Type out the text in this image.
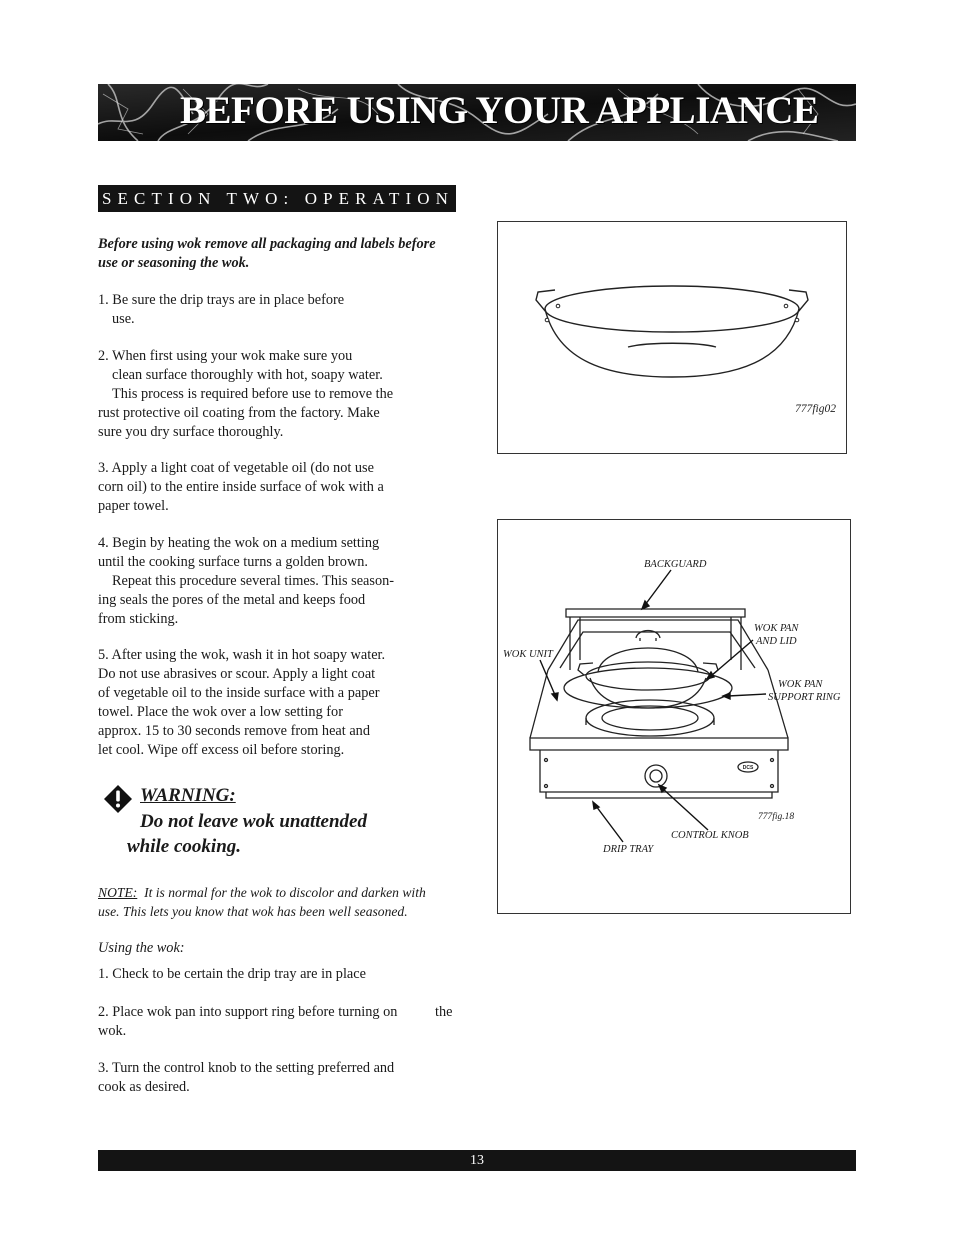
BEFORE USING YOUR APPLIANCE
SECTION TWO: OPERATION

Before using wok remove all packaging and labels before use or seasoning the wok.

1. Be sure the drip trays are in place before
use.
2. When first using your wok make sure you
clean surface thoroughly with hot, soapy water.
This process is required before use to remove the
rust protective oil coating from the factory. Make
sure you dry surface thoroughly.
3. Apply a light coat of vegetable oil (do not use
corn oil) to the entire inside surface of wok with a
paper towel.
4. Begin by heating the wok on a medium setting
until the cooking surface turns a golden brown.
Repeat this procedure several times. This season-
ing seals the pores of the metal and keeps food
from sticking.
5. After using the wok, wash it in hot soapy water.
Do not use abrasives or scour. Apply a light coat
of vegetable oil to the inside surface with a paper
towel. Place the wok over a low setting for
approx. 15 to 30 seconds remove from heat and
let cool. Wipe off excess oil before storing.

WARNING:

Do not leave wok unattended
while cooking.
NOTE: It is normal for the wok to discolor and darken with
use. This lets you know that wok has been well seasoned.

Using the wok:

1. Check to be certain the drip tray are in place

2. Place wok pan into support ring before turning on	the
wok.
3. Turn the control knob to the setting preferred and
cook as desired.
777fig02
DCS
BACKGUARD
WOK PAN
AND LID
WOK UNIT
WOK PAN
SUPPORT RING
CONTROL KNOB
DRIP TRAY
777fig.18
13
